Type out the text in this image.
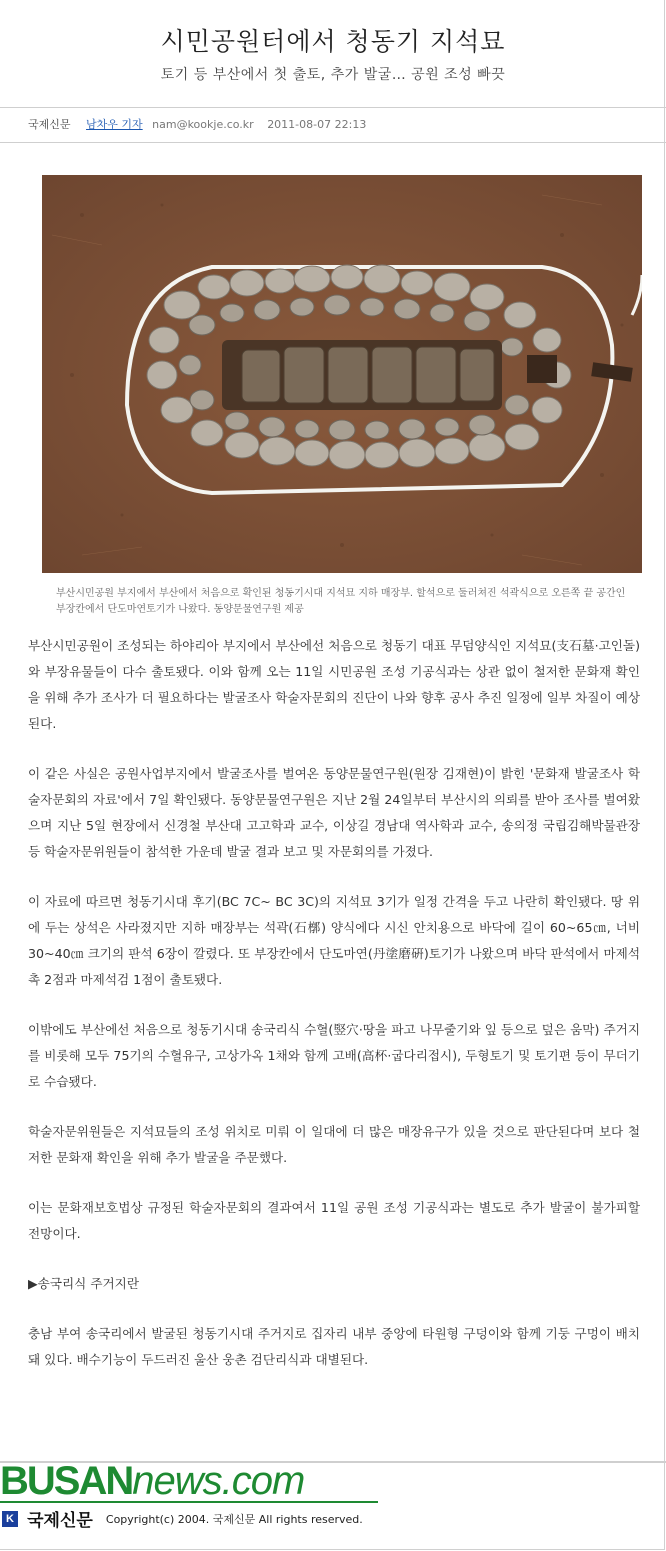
시민공원터에서 청동기 지석묘
토기 등 부산에서 첫 출토, 추가 발굴… 공원 조성 빠끗
국제신문 남차우 기자 nam@kookje.co.kr 2011-08-07 22:13
부산시민공원 부지에서 부산에서 처음으로 확인된 청동기시대 지석묘 지하 매장부. 할석으로 둘러쳐진 석곽식으로 오른쪽 끝 공간인 부장칸에서 단도마연토기가 나왔다. 동양문물연구원 제공

부산시민공원이 조성되는 하야리아 부지에서 부산에선 처음으로 청동기 대표 무덤양식인 지석묘(支石墓·고인돌)와 부장유물들이 다수 출토됐다. 이와 함께 오는 11일 시민공원 조성 기공식과는 상관 없이 철저한 문화재 확인을 위해 추가 조사가 더 필요하다는 발굴조사 학술자문회의 진단이 나와 향후 공사 추진 일정에 일부 차질이 예상된다.

이 같은 사실은 공원사업부지에서 발굴조사를 벌여온 동양문물연구원(원장 김재현)이 밝힌 '문화재 발굴조사 학술자문회의 자료'에서 7일 확인됐다. 동양문물연구원은 지난 2월 24일부터 부산시의 의뢰를 받아 조사를 벌여왔으며 지난 5일 현장에서 신경철 부산대 고고학과 교수, 이상길 경남대 역사학과 교수, 송의정 국립김해박물관장 등 학술자문위원들이 참석한 가운데 발굴 결과 보고 및 자문회의를 가졌다.

이 자료에 따르면 청동기시대 후기(BC 7C~ BC 3C)의 지석묘 3기가 일정 간격을 두고 나란히 확인됐다. 땅 위에 두는 상석은 사라졌지만 지하 매장부는 석곽(石槨) 양식에다 시신 안치용으로 바닥에 길이 60~65㎝, 너비 30~40㎝ 크기의 판석 6장이 깔렸다. 또 부장칸에서 단도마연(丹塗磨硏)토기가 나왔으며 바닥 판석에서 마제석촉 2점과 마제석검 1점이 출토됐다.

이밖에도 부산에선 처음으로 청동기시대 송국리식 수혈(竪穴·땅을 파고 나무줄기와 잎 등으로 덮은 움막) 주거지를 비롯해 모두 75기의 수혈유구, 고상가옥 1채와 함께 고배(高杯·굽다리접시), 두형토기 및 토기편 등이 무더기로 수습됐다.

학술자문위원들은 지석묘들의 조성 위치로 미뤄 이 일대에 더 많은 매장유구가 있을 것으로 판단된다며 보다 철저한 문화재 확인을 위해 추가 발굴을 주문했다.

이는 문화재보호법상 규정된 학술자문회의 결과여서 11일 공원 조성 기공식과는 별도로 추가 발굴이 불가피할 전망이다.

▶송국리식 주거지란

충남 부여 송국리에서 발굴된 청동기시대 주거지로 집자리 내부 중앙에 타원형 구덩이와 함께 기둥 구멍이 배치돼 있다. 배수기능이 두드러진 울산 웅촌 검단리식과 대별된다.

BUSANnews.com
K 국제신문 Copyright(c) 2004. 국제신문 All rights reserved.
